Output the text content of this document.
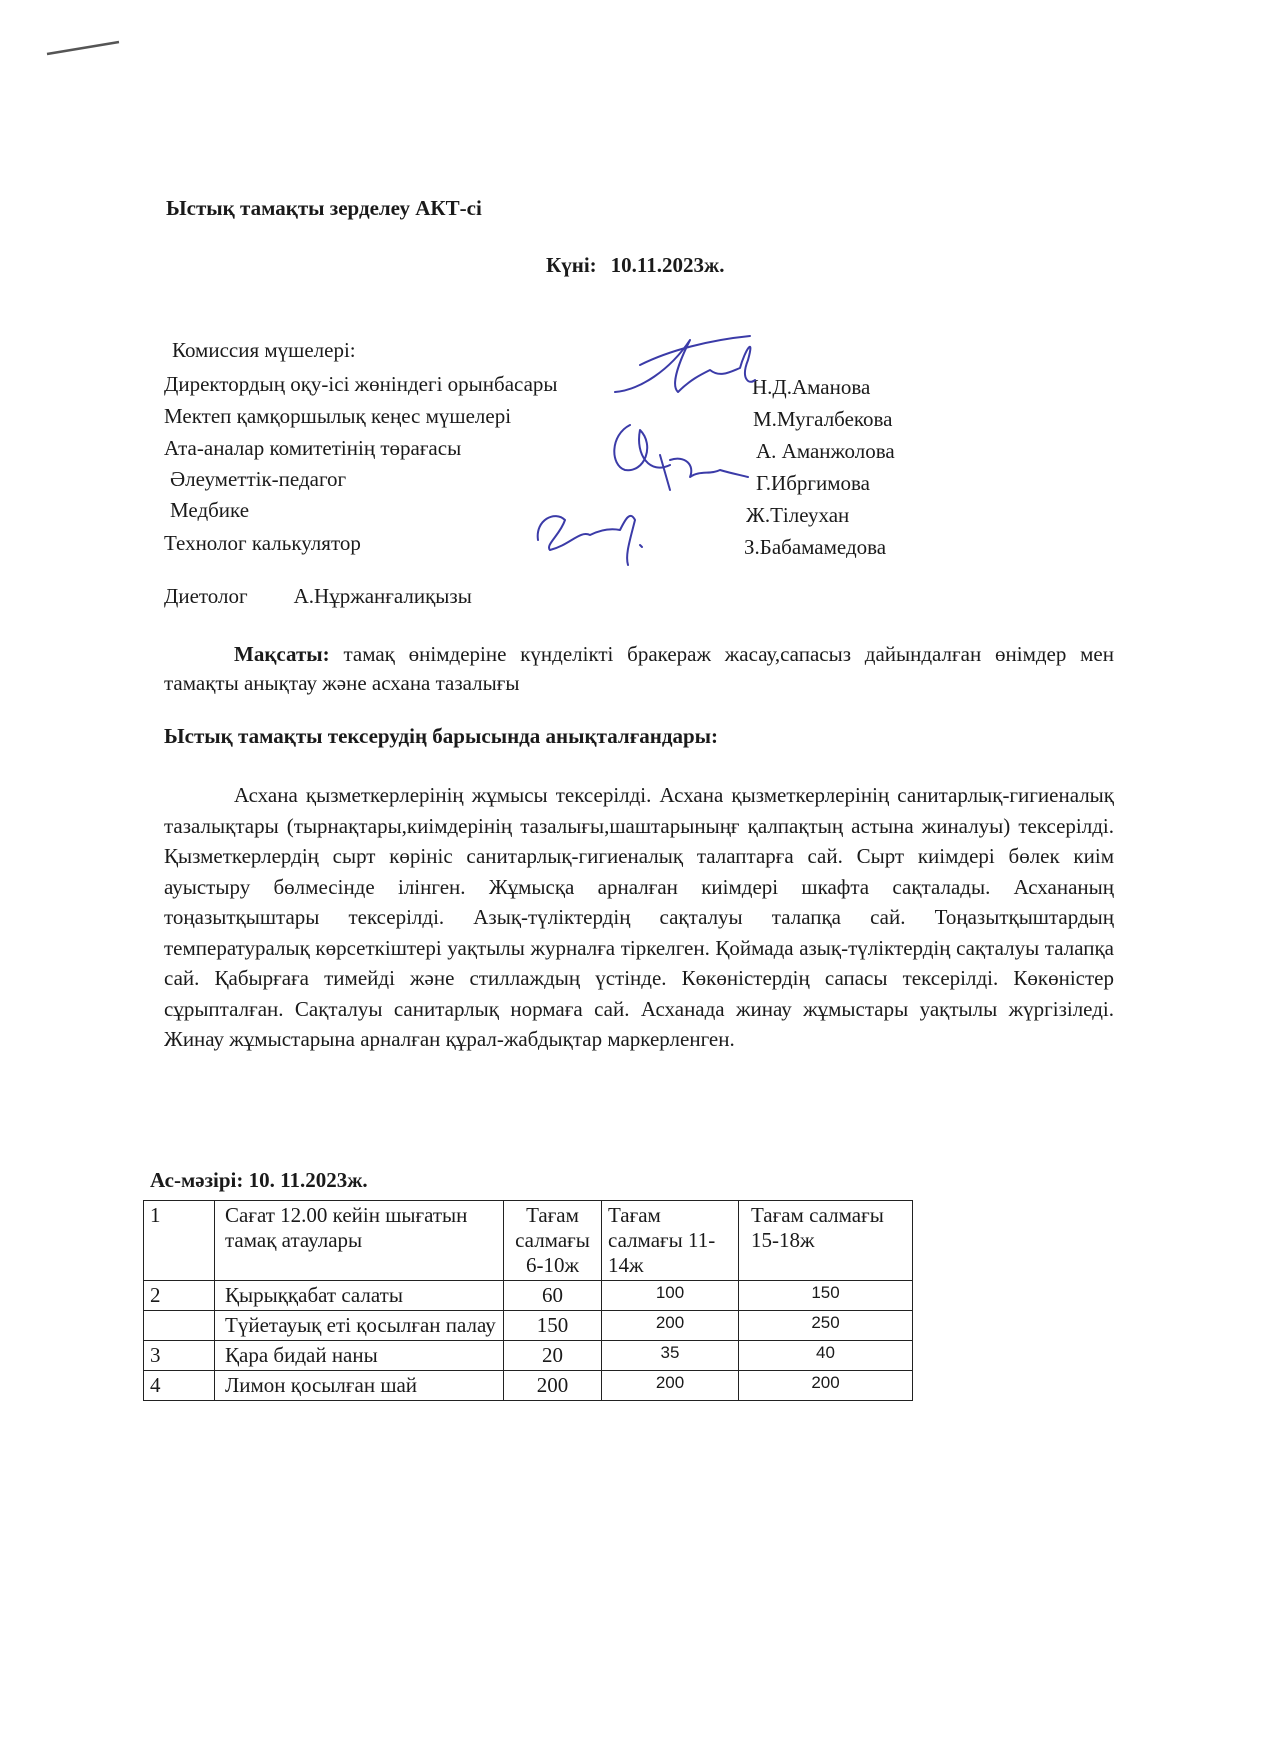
Ыстық тамақты зерделеу АКТ-сі
Күні: 10.11.2023ж.
Комиссия мүшелері:
Директордың оқу-ісі жөніндегі орынбасары	Н.Д.Аманова
Мектеп қамқоршылық кеңес мүшелері	М.Мугалбекова
Ата-аналар комитетінің төрағасы	А. Аманжолова
Әлеуметтік-педагог	Г.Ибргимова
Медбике	Ж.Тілеухан
Технолог калькулятор	З.Бабамамедова
Диетолог А.Нұржанғалиқызы
Мақсаты: тамақ өнімдеріне күнделікті бракераж жасау,сапасыз дайындалған өнімдер мен тамақты анықтау және асхана тазалығы
Ыстық тамақты тексерудің барысында анықталғандары:
Асхана қызметкерлерінің жұмысы тексерілді. Асхана қызметкерлерінің санитарлық-гигиеналық тазалықтары (тырнақтары,киімдерінің тазалығы,шаштарыныңғ қалпақтың астына жиналуы) тексерілді. Қызметкерлердің сырт көрініс санитарлық-гигиеналық талаптарға сай. Сырт киімдері бөлек киім ауыстыру бөлмесінде ілінген. Жұмысқа арналған киімдері шкафта сақталады. Асхананың тоңазытқыштары тексерілді. Азық-түліктердің сақталуы талапқа сай. Тоңазытқыштардың температуралық көрсеткіштері уақтылы журналға тіркелген. Қоймада азық-түліктердің сақталуы талапқа сай. Қабырғаға тимейді және стиллаждың үстінде. Көкөністердің сапасы тексерілді. Көкөністер сұрыпталған. Сақталуы санитарлық нормаға сай. Асханада жинау жұмыстары уақтылы жүргізіледі. Жинау жұмыстарына арналған құрал-жабдықтар маркерленген.
Ас-мәзірі: 10. 11.2023ж.
1	Сағат 12.00 кейін шығатын тамақ атаулары	Тағам салмағы 6-10ж	Тағам салмағы 11-14ж	Тағам салмағы 15-18ж
2	Қырыққабат салаты	60	100	150
	Түйетауық еті қосылған палау	150	200	250
3	Қара бидай наны	20	35	40
4	Лимон қосылған шай	200	200	200
